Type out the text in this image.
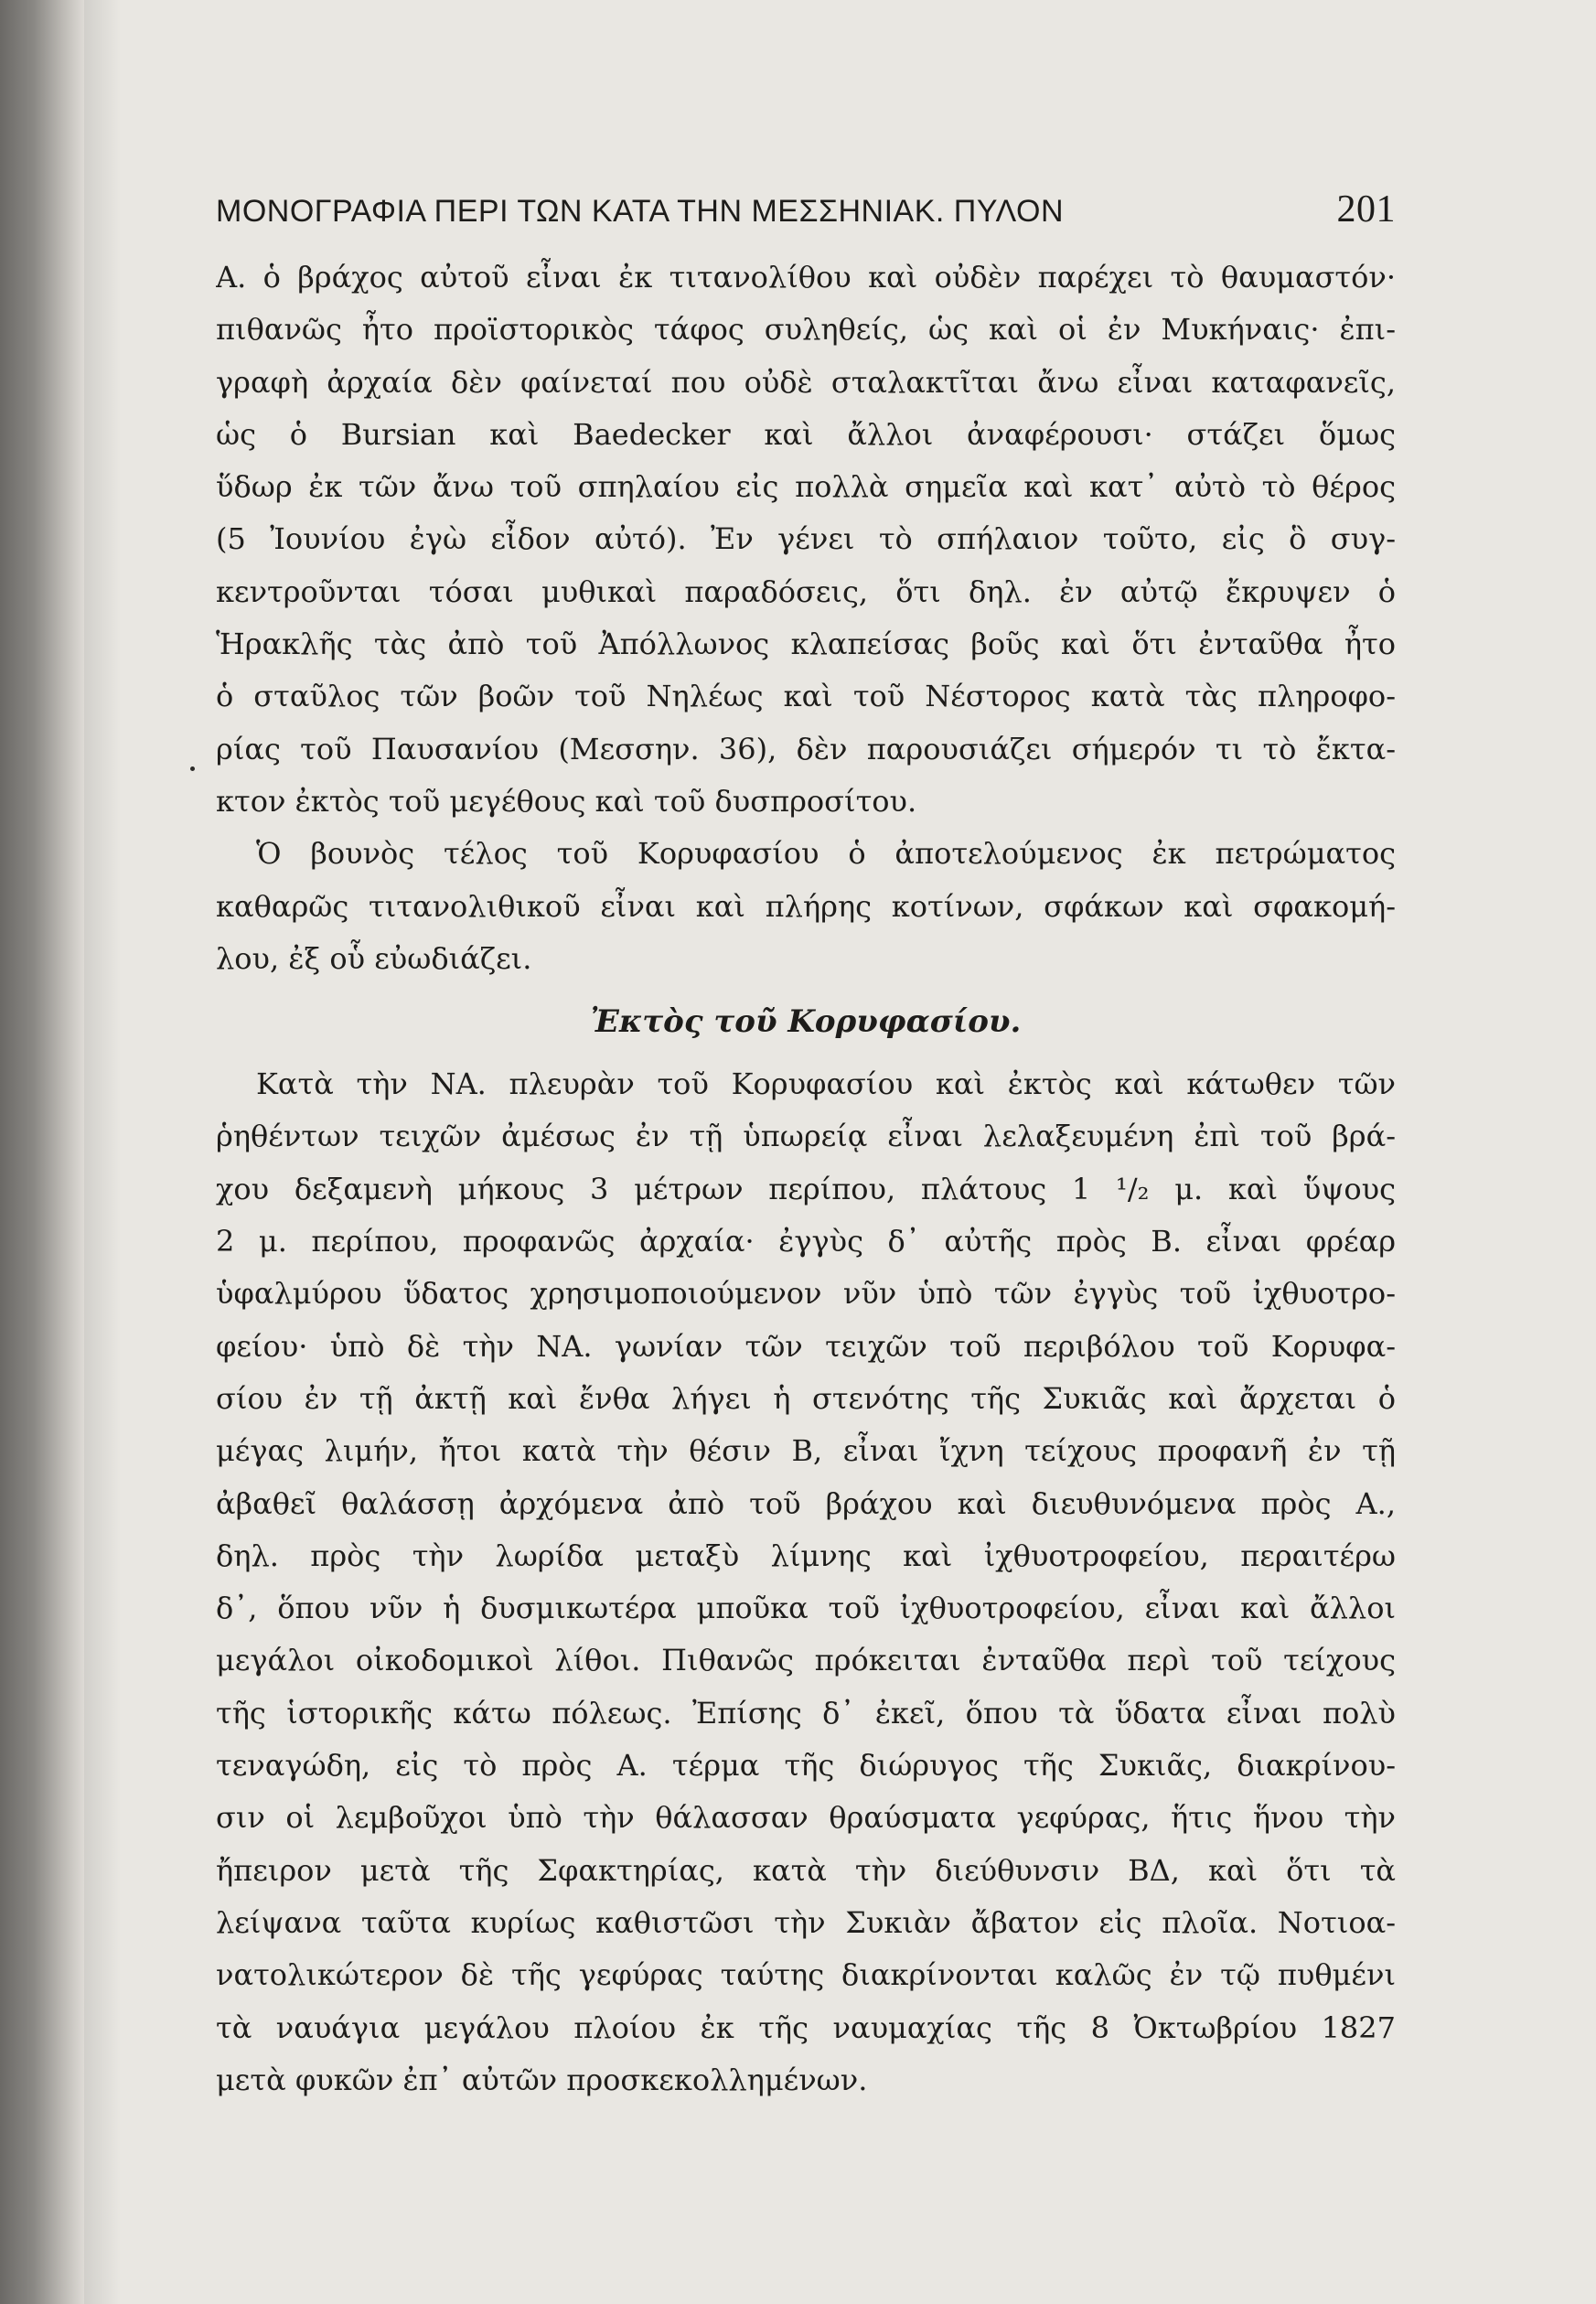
ΜΟΝΟΓΡΑΦΙΑ ΠΕΡΙ ΤΩΝ ΚΑΤΑ ΤΗΝ ΜΕΣΣΗΝΙΑΚ. ΠΥΛΟΝ	201
Α. ὁ βράχος αὐτοῦ εἶναι ἐκ τιτανολίθου καὶ οὐδὲν παρέχει τὸ θαυμαστόν·
πιθανῶς ἦτο προϊστορικὸς τάφος συληθείς, ὡς καὶ οἱ ἐν Μυκήναις· ἐπι-
γραφὴ ἀρχαία δὲν φαίνεταί που οὐδὲ σταλακτῖται ἄνω εἶναι καταφανεῖς,
ὡς ὁ Bursian καὶ Baedecker καὶ ἄλλοι ἀναφέρουσι· στάζει ὅμως
ὕδωρ ἐκ τῶν ἄνω τοῦ σπηλαίου εἰς πολλὰ σημεῖα καὶ κατ᾽ αὐτὸ τὸ θέρος
(5 Ἰουνίου ἐγὼ εἶδον αὐτό). Ἐν γένει τὸ σπήλαιον τοῦτο, εἰς ὃ συγ-
κεντροῦνται τόσαι μυθικαὶ παραδόσεις, ὅτι δηλ. ἐν αὐτῷ ἔκρυψεν ὁ
Ἡρακλῆς τὰς ἀπὸ τοῦ Ἀπόλλωνος κλαπείσας βοῦς καὶ ὅτι ἐνταῦθα ἦτο
ὁ σταῦλος τῶν βοῶν τοῦ Νηλέως καὶ τοῦ Νέστορος κατὰ τὰς πληροφο-
ρίας τοῦ Παυσανίου (Μεσσην. 36), δὲν παρουσιάζει σήμερόν τι τὸ ἔκτα-
κτον ἐκτὸς τοῦ μεγέθους καὶ τοῦ δυσπροσίτου.
Ὁ βουνὸς τέλος τοῦ Κορυφασίου ὁ ἀποτελούμενος ἐκ πετρώματος
καθαρῶς τιτανολιθικοῦ εἶναι καὶ πλήρης κοτίνων, σφάκων καὶ σφακομή-
λου, ἐξ οὗ εὐωδιάζει.
Ἐκτὸς τοῦ Κορυφασίου.
Κατὰ τὴν ΝΑ. πλευρὰν τοῦ Κορυφασίου καὶ ἐκτὸς καὶ κάτωθεν τῶν
ῥηθέντων τειχῶν ἀμέσως ἐν τῇ ὑπωρείᾳ εἶναι λελαξευμένη ἐπὶ τοῦ βρά-
χου δεξαμενὴ μήκους 3 μέτρων περίπου, πλάτους 1 ¹/₂ μ. καὶ ὕψους
2 μ. περίπου, προφανῶς ἀρχαία· ἐγγὺς δ᾽ αὐτῆς πρὸς Β. εἶναι φρέαρ
ὑφαλμύρου ὕδατος χρησιμοποιούμενον νῦν ὑπὸ τῶν ἐγγὺς τοῦ ἰχθυοτρο-
φείου· ὑπὸ δὲ τὴν ΝΑ. γωνίαν τῶν τειχῶν τοῦ περιβόλου τοῦ Κορυφα-
σίου ἐν τῇ ἀκτῇ καὶ ἔνθα λήγει ἡ στενότης τῆς Συκιᾶς καὶ ἄρχεται ὁ
μέγας λιμήν, ἤτοι κατὰ τὴν θέσιν Β, εἶναι ἴχνη τείχους προφανῆ ἐν τῇ
ἀβαθεῖ θαλάσσῃ ἀρχόμενα ἀπὸ τοῦ βράχου καὶ διευθυνόμενα πρὸς Α.,
δηλ. πρὸς τὴν λωρίδα μεταξὺ λίμνης καὶ ἰχθυοτροφείου, περαιτέρω
δ᾽, ὅπου νῦν ἡ δυσμικωτέρα μποῦκα τοῦ ἰχθυοτροφείου, εἶναι καὶ ἄλλοι
μεγάλοι οἰκοδομικοὶ λίθοι. Πιθανῶς πρόκειται ἐνταῦθα περὶ τοῦ τείχους
τῆς ἱστορικῆς κάτω πόλεως. Ἐπίσης δ᾽ ἐκεῖ, ὅπου τὰ ὕδατα εἶναι πολὺ
τεναγώδη, εἰς τὸ πρὸς Α. τέρμα τῆς διώρυγος τῆς Συκιᾶς, διακρίνου-
σιν οἱ λεμβοῦχοι ὑπὸ τὴν θάλασσαν θραύσματα γεφύρας, ἥτις ἥνου τὴν
ἤπειρον μετὰ τῆς Σφακτηρίας, κατὰ τὴν διεύθυνσιν ΒΔ, καὶ ὅτι τὰ
λείψανα ταῦτα κυρίως καθιστῶσι τὴν Συκιὰν ἄβατον εἰς πλοῖα. Νοτιοα-
νατολικώτερον δὲ τῆς γεφύρας ταύτης διακρίνονται καλῶς ἐν τῷ πυθμένι
τὰ ναυάγια μεγάλου πλοίου ἐκ τῆς ναυμαχίας τῆς 8 Ὀκτωβρίου 1827
μετὰ φυκῶν ἐπ᾽ αὐτῶν προσκεκολλημένων.
